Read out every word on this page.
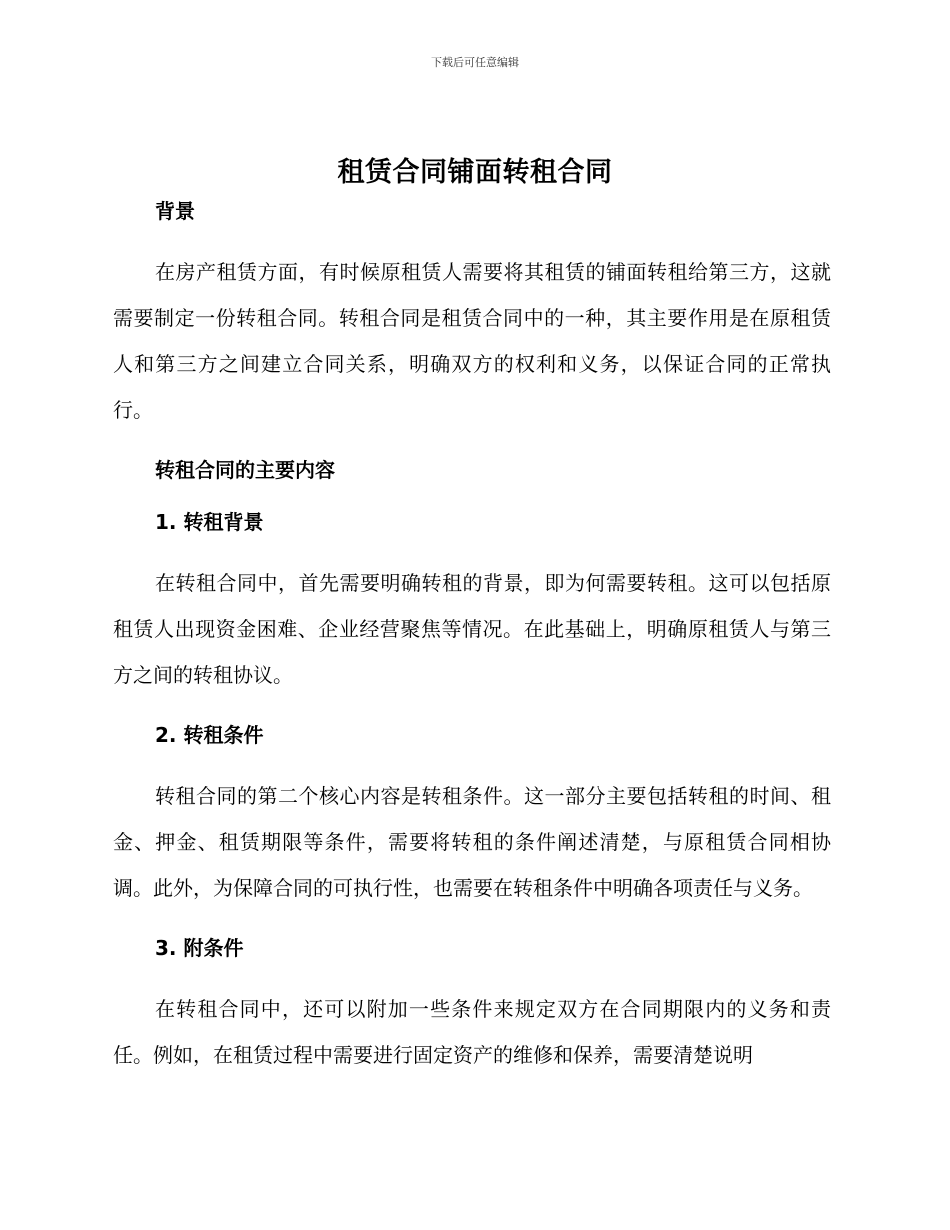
下载后可任意编辑
租赁合同铺面转租合同
背景

在房产租赁方面，有时候原租赁人需要将其租赁的铺面转租给第三方，这就需要制定一份转租合同。转租合同是租赁合同中的一种，其主要作用是在原租赁人和第三方之间建立合同关系，明确双方的权利和义务，以保证合同的正常执行。

转租合同的主要内容
1. 转租背景

在转租合同中，首先需要明确转租的背景，即为何需要转租。这可以包括原租赁人出现资金困难、企业经营聚焦等情况。在此基础上，明确原租赁人与第三方之间的转租协议。

2. 转租条件

转租合同的第二个核心内容是转租条件。这一部分主要包括转租的时间、租金、押金、租赁期限等条件，需要将转租的条件阐述清楚，与原租赁合同相协调。此外，为保障合同的可执行性，也需要在转租条件中明确各项责任与义务。

3. 附条件

在转租合同中，还可以附加一些条件来规定双方在合同期限内的义务和责任。例如，在租赁过程中需要进行固定资产的维修和保养，需要清楚说明
